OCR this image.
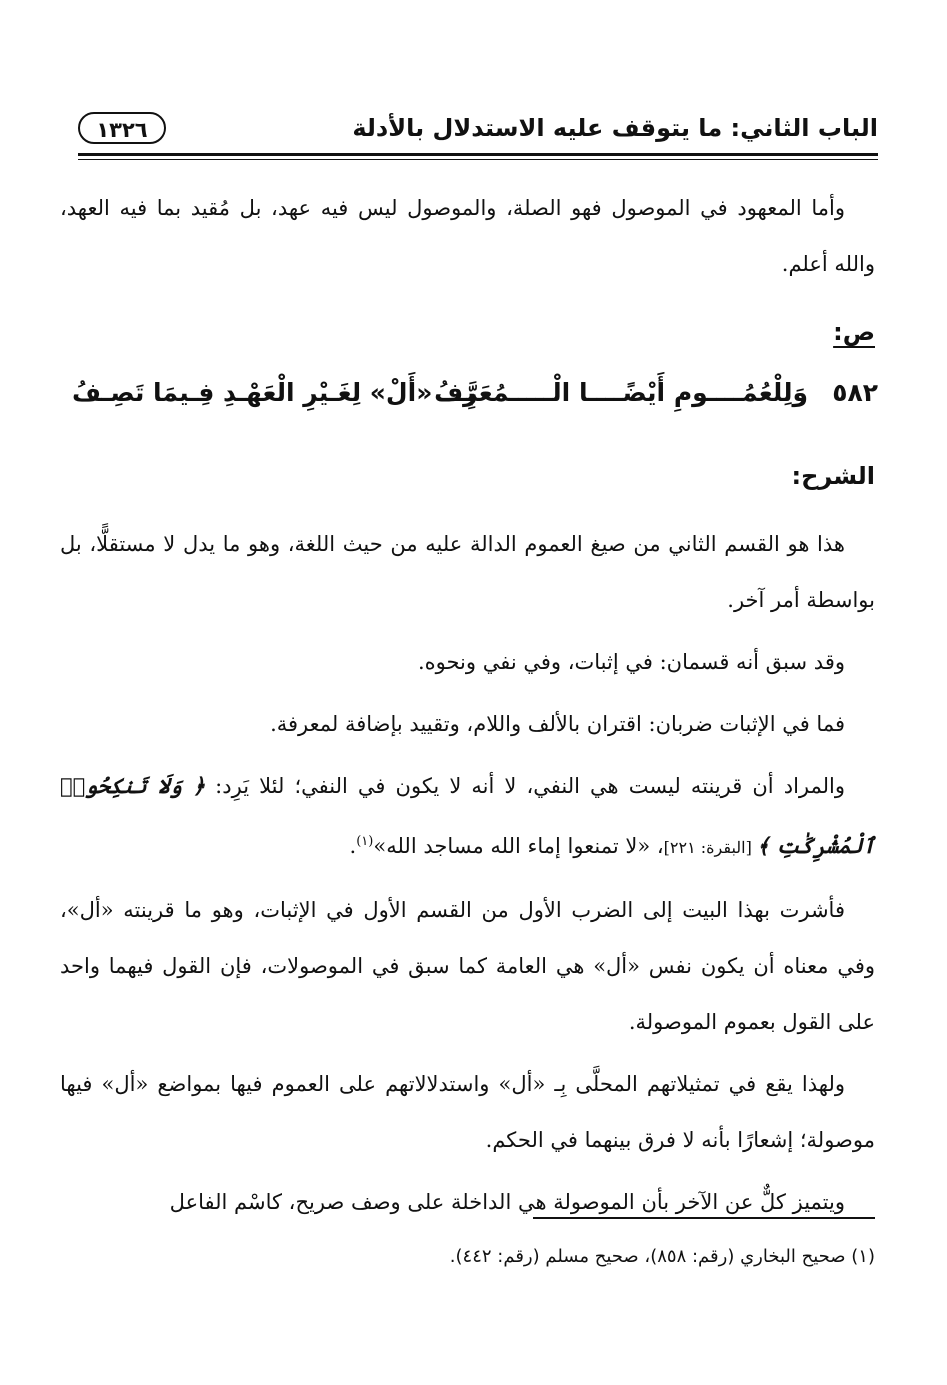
الباب الثاني: ما يتوقف عليه الاستدلال بالأدلة
١٣٢٦

وأما المعهود في الموصول فهو الصلة، والموصول ليس فيه عهد، بل مُقيد بما فيه العهد، والله أعلم.

ص:
٥٨٢
وَلِلْعُمُــــومِ أَيْضًــــا الْـــــمُعَرَّفُ
بِـــ «أَلْ» لِغَـيْرِ الْعَهْـدِ فِـيمَا تَصِـفُ
الشرح:

هذا هو القسم الثاني من صيغ العموم الدالة عليه من حيث اللغة، وهو ما يدل لا مستقلًّا، بل بواسطة أمر آخر.

وقد سبق أنه قسمان: في إثبات، وفي نفي ونحوه.

فما في الإثبات ضربان: اقتران بالألف واللام، وتقييد بإضافة لمعرفة.

والمراد أن قرينته ليست هي النفي، لا أنه لا يكون في النفي؛ لئلا يَرِد: ﴿ وَلَا تَنكِحُوا۟ ٱلْمُشْرِكَٰتِ ﴾ [البقرة: ٢٢١]، «لا تمنعوا إماء الله مساجد الله»$^{(١)}$.

فأشرت بهذا البيت إلى الضرب الأول من القسم الأول في الإثبات، وهو ما قرينته «أل»، وفي معناه أن يكون نفس «أل» هي العامة كما سبق في الموصولات، فإن القول فيهما واحد على القول بعموم الموصولة.

ولهذا يقع في تمثيلاتهم المحلَّى بِـ «أل» واستدلالاتهم على العموم فيها بمواضع «أل» فيها موصولة؛ إشعارًا بأنه لا فرق بينهما في الحكم.

ويتميز كلٌّ عن الآخر بأن الموصولة هي الداخلة على وصف صريح، كاسْم الفاعل

(١) صحيح البخاري (رقم: ٨٥٨)، صحيح مسلم (رقم: ٤٤٢).
